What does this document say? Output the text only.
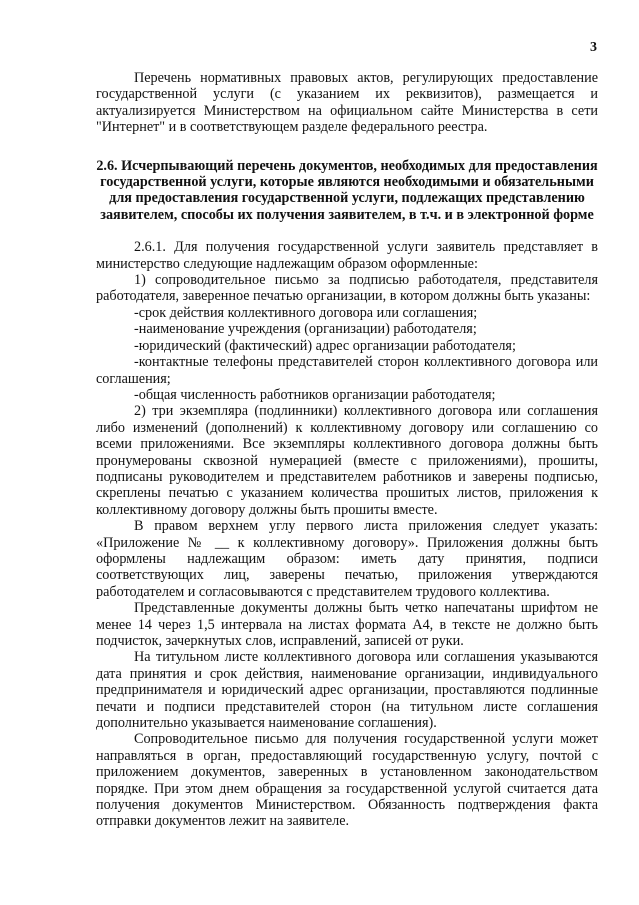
3

Перечень нормативных правовых актов, регулирующих предоставление государственной услуги (с указанием их реквизитов), размещается и актуализируется Министерством на официальном сайте Министерства в сети "Интернет" и в соответствующем разделе федерального реестра.

2.6. Исчерпывающий перечень документов, необходимых для предоставления государственной услуги, которые являются необходимыми и обязательными для предоставления государственной услуги, подлежащих представлению заявителем, способы их получения заявителем, в т.ч. и в электронной форме

2.6.1. Для получения государственной услуги заявитель представляет в министерство следующие надлежащим образом оформленные:

1) сопроводительное письмо за подписью работодателя, представителя работодателя, заверенное печатью организации, в котором должны быть указаны:

-срок действия коллективного договора или соглашения;

-наименование учреждения (организации) работодателя;

-юридический (фактический) адрес организации работодателя;

-контактные телефоны представителей сторон коллективного договора или соглашения;

-общая численность работников организации работодателя;

2) три экземпляра (подлинники) коллективного договора или соглашения либо изменений (дополнений) к коллективному договору или соглашению со всеми приложениями. Все экземпляры коллективного договора должны быть пронумерованы сквозной нумерацией (вместе с приложениями), прошиты, подписаны руководителем и представителем работников и заверены подписью, скреплены печатью с указанием количества прошитых листов, приложения к коллективному договору должны быть прошиты вместе.

В правом верхнем углу первого листа приложения следует указать: «Приложение № __ к коллективному договору». Приложения должны быть оформлены надлежащим образом: иметь дату принятия, подписи соответствующих лиц, заверены печатью, приложения утверждаются работодателем и согласовываются с представителем трудового коллектива.

Представленные документы должны быть четко напечатаны шрифтом не менее 14 через 1,5 интервала на листах формата А4, в тексте не должно быть подчисток, зачеркнутых слов, исправлений, записей от руки.

На титульном листе коллективного договора или соглашения указываются дата принятия и срок действия, наименование организации, индивидуального предпринимателя и юридический адрес организации, проставляются подлинные печати и подписи представителей сторон (на титульном листе соглашения дополнительно указывается наименование соглашения).

Сопроводительное письмо для получения государственной услуги может направляться в орган, предоставляющий государственную услугу, почтой с приложением документов, заверенных в установленном законодательством порядке. При этом днем обращения за государственной услугой считается дата получения документов Министерством. Обязанность подтверждения факта отправки документов лежит на заявителе.
